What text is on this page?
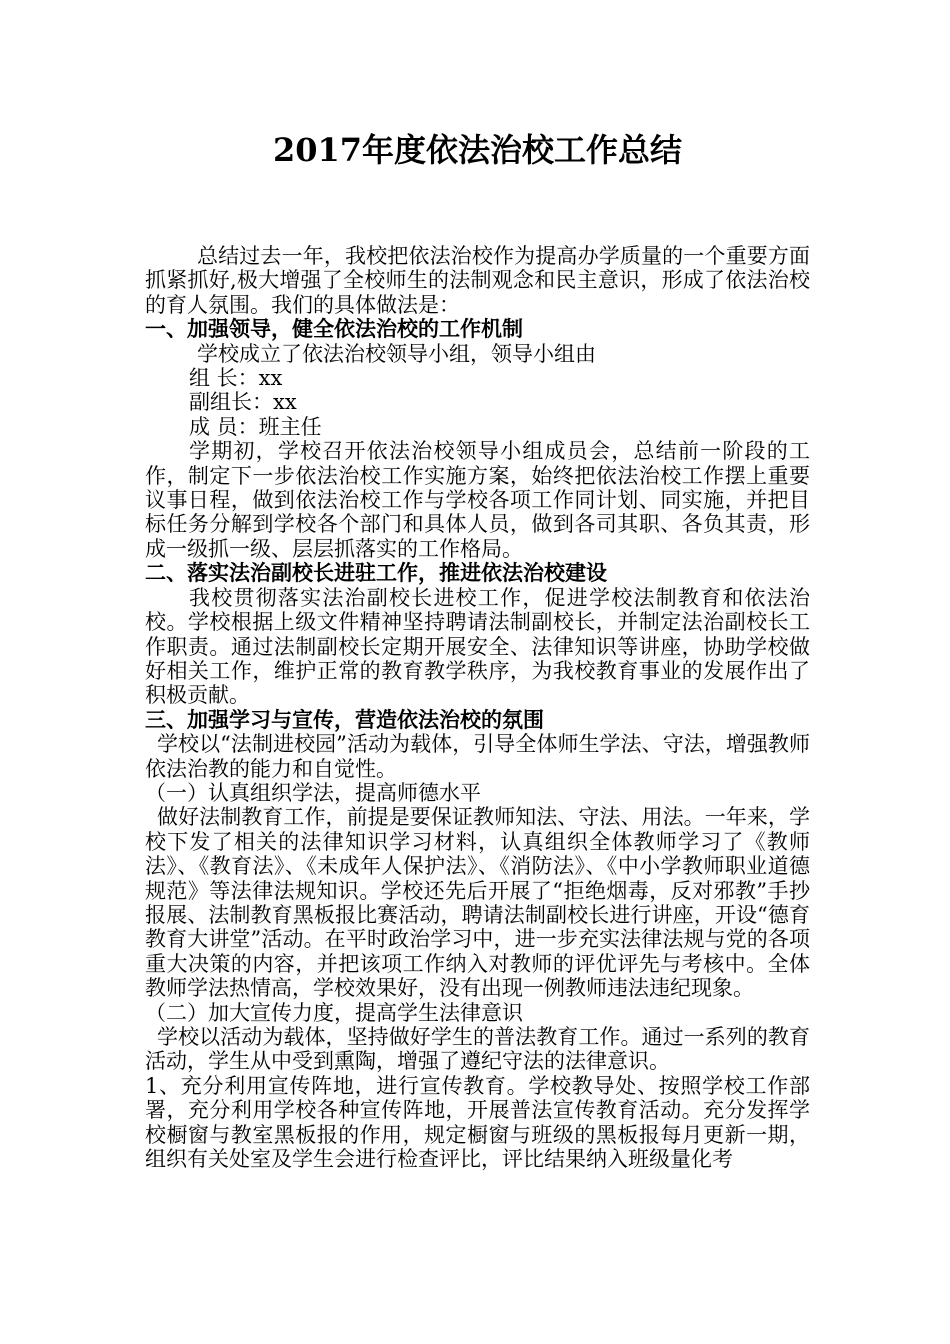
2017年度依法治校工作总结
总结过去一年，我校把依法治校作为提高办学质量的一个重要方面抓紧抓好,极大增强了全校师生的法制观念和民主意识，形成了依法治校的育人氛围。我们的具体做法是：
一、加强领导，健全依法治校的工作机制
学校成立了依法治校领导小组，领导小组由
组 长：xx
副组长：xx
成 员：班主任
学期初，学校召开依法治校领导小组成员会，总结前一阶段的工作，制定下一步依法治校工作实施方案，始终把依法治校工作摆上重要议事日程，做到依法治校工作与学校各项工作同计划、同实施，并把目标任务分解到学校各个部门和具体人员，做到各司其职、各负其责，形成一级抓一级、层层抓落实的工作格局。
二、落实法治副校长进驻工作，推进依法治校建设
我校贯彻落实法治副校长进校工作，促进学校法制教育和依法治校。学校根据上级文件精神坚持聘请法制副校长，并制定法治副校长工作职责。通过法制副校长定期开展安全、法律知识等讲座，协助学校做好相关工作，维护正常的教育教学秩序，为我校教育事业的发展作出了积极贡献。
三、加强学习与宣传，营造依法治校的氛围
学校以“法制进校园”活动为载体，引导全体师生学法、守法，增强教师依法治教的能力和自觉性。
（一）认真组织学法，提高师德水平
做好法制教育工作，前提是要保证教师知法、守法、用法。一年来，学校下发了相关的法律知识学习材料，认真组织全体教师学习了《教师法》、《教育法》、《未成年人保护法》、《消防法》、《中小学教师职业道德规范》等法律法规知识。学校还先后开展了“拒绝烟毒，反对邪教”手抄报展、法制教育黑板报比赛活动，聘请法制副校长进行讲座，开设“德育教育大讲堂”活动。在平时政治学习中，进一步充实法律法规与党的各项重大决策的内容，并把该项工作纳入对教师的评优评先与考核中。全体教师学法热情高，学校效果好，没有出现一例教师违法违纪现象。
（二）加大宣传力度，提高学生法律意识
学校以活动为载体，坚持做好学生的普法教育工作。通过一系列的教育活动，学生从中受到熏陶，增强了遵纪守法的法律意识。
1、充分利用宣传阵地，进行宣传教育。学校教导处、按照学校工作部署，充分利用学校各种宣传阵地，开展普法宣传教育活动。充分发挥学校橱窗与教室黑板报的作用，规定橱窗与班级的黑板报每月更新一期，组织有关处室及学生会进行检查评比，评比结果纳入班级量化考
